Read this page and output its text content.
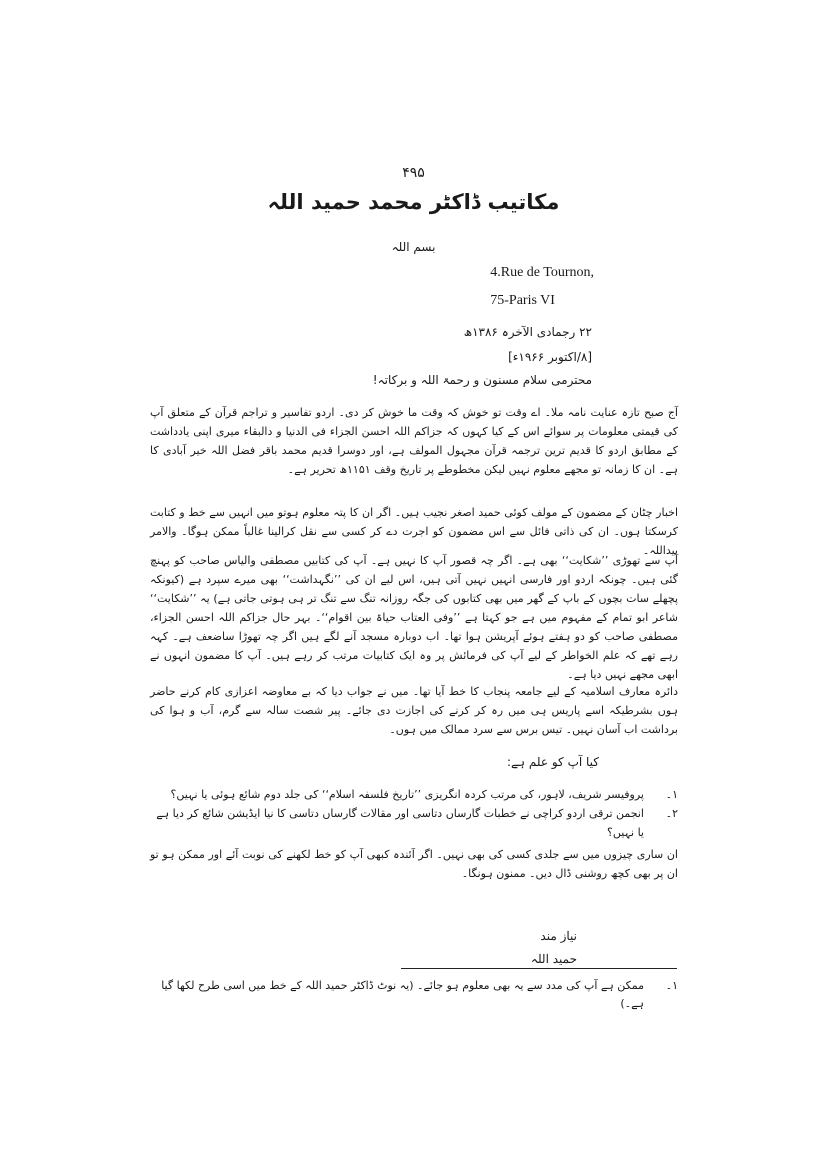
۴۹۵
مکاتیب ڈاکٹر محمد حمید اللہ
بسم اللہ
4.Rue de Tournon,
75-Paris VI
۲۲ رجمادی الآخرہ ۱۳۸۶ھ
[۸/اکتوبر ۱۹۶۶ء]
محترمی سلام مسنون و رحمۃ اللہ و برکاتہ!
آج صبح تازہ عنایت نامہ ملا۔ اے وقت تو خوش کہ وقت ما خوش کر دی۔ اردو تفاسیر و تراجم قرآن کے متعلق آپ کی قیمتی معلومات پر سوائے اس کے کیا کہوں کہ جزاکم اللہ احسن الجزاء فی الدنیا و دالبقاء میری اپنی یادداشت کے مطابق اردو کا قدیم ترین ترجمہ قرآن مجہول المولف ہے، اور دوسرا قدیم محمد باقر فضل اللہ خیر آبادی کا ہے۔ ان کا زمانہ تو مجھے معلوم نہیں لیکن مخطوطے پر تاریخ وقف ۱۱۵۱ھ تحریر ہے۔
اخبار چٹان کے مضمون کے مولف کوئی حمید اصغر نجیب ہیں۔ اگر ان کا پتہ معلوم ہوتو میں انہیں سے خط و کتابت کرسکتا ہوں۔ ان کی ذاتی فائل سے اس مضمون کو اجرت دے کر کسی سے نقل کرالینا غالباً ممکن ہوگا۔ والامر بیداللہ۔
آپ سے تھوڑی ’’شکایت‘‘ بھی ہے۔ اگر چہ قصور آپ کا نہیں ہے۔ آپ کی کتابیں مصطفی والیاس صاحب کو پہنچ گئی ہیں۔ چونکہ اردو اور فارسی انہیں نہیں آتی ہیں، اس لیے ان کی ’’نگہداشت‘‘ بھی میرے سپرد ہے (کیونکہ پچھلے سات بچوں کے باپ کے گھر میں بھی کتابوں کی جگہ روزانہ تنگ سے تنگ تر ہی ہوتی جاتی ہے) یہ ’’شکایت‘‘ شاعر ابو تمام کے مفہوم میں ہے جو کہتا ہے ’’وفی العتاب حیاۃ بین اقوام‘‘۔ بہر حال جزاکم اللہ احسن الجزاء، مصطفی صاحب کو دو ہفتے ہوئے آپریشن ہوا تھا۔ اب دوبارہ مسجد آنے لگے ہیں اگر چہ تھوڑا ساضعف ہے۔ کہہ رہے تھے کہ علم الخواطر کے لیے آپ کی فرمائش پر وہ ایک کتابیات مرتب کر رہے ہیں۔ آپ کا مضمون انہوں نے ابھی مجھے نہیں دیا ہے۔
دائرہ معارف اسلامیہ کے لیے جامعہ پنجاب کا خط آیا تھا۔ میں نے جواب دیا کہ بے معاوضہ اعزازی کام کرنے حاضر ہوں بشرطیکہ اسے پاریس ہی میں رہ کر کرنے کی اجازت دی جائے۔ پیر شصت سالہ سے گرم، آب و ہوا کی برداشت اب آسان نہیں۔ تیس برس سے سرد ممالک میں ہوں۔
کیا آپ کو علم ہے:
۱۔
پروفیسر شریف، لاہور، کی مرتب کردہ انگریزی ’’تاریخ فلسفہ اسلام‘‘ کی جلد دوم شائع ہوئی یا نہیں؟
۲۔
انجمن ترقی اردو کراچی نے خطبات گارساں دتاسی اور مقالات گارساں دتاسی کا نیا ایڈیشن شائع کر دیا ہے یا نہیں؟
ان ساری چیزوں میں سے جلدی کسی کی بھی نہیں۔ اگر آئندہ کبھی آپ کو خط لکھنے کی نوبت آئے اور ممکن ہو تو ان پر بھی کچھ روشنی ڈال دیں۔ ممنون ہونگا۔
نیاز مند
حمید اللہ
۱۔
ممکن ہے آپ کی مدد سے یہ بھی معلوم ہو جائے۔ (یہ نوٹ ڈاکٹر حمید اللہ کے خط میں اسی طرح لکھا گیا ہے۔)
